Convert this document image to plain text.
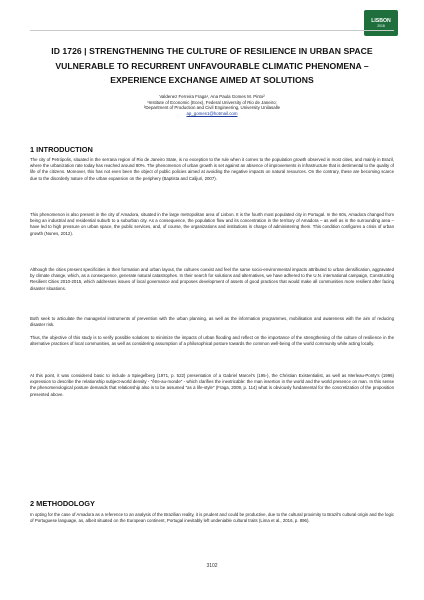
LISBON
2018
ID 1726 | STRENGTHENING THE CULTURE OF RESILIENCE IN URBAN SPACE VULNERABLE TO RECURRENT UNFAVOURABLE CLIMATIC PHENOMENA – EXPERIENCE EXCHANGE AIMED AT SOLUTIONS
Valdenez Ferreira Fraga¹, Ana Paula Gomes M. Pinto²
¹Institute of Economic (Ecex), Federal University of Rio de Janeiro;
²Department of Production and Civil Engineering, University Unilasalle
ap_gomes1@hotmail.com
1 INTRODUCTION

The city of Petrópolis, situated in the serrana region of Rio de Janeiro State, is no exception to the rule when it comes to the population growth observed in most cities, and mainly in Brazil, where the urbanization rate today has reached around 80%. The phenomenon of urban growth is set against an absence of improvements in infrastructure that is detrimental to the quality of life of the citizens. Moreover, this has not even been the object of public policies aimed at avoiding the negative impacts on natural resources. On the contrary, these are becoming scarce due to the disorderly nature of the urban expansion on the periphery (Baptista and Calijuri, 2007).

This phenomenon is also present in the city of Amadora, situated in the large metropolitan area of Lisbon. It is the fourth most populated city in Portugal. In the 60s, Amadora changed from being an industrial and residential suburb to a suburban city. As a consequence, the population flow and its concentration in the territory of Amadora – as well as in the surrounding area – have led to high pressure on urban space, the public services, and, of course, the organizations and institutions in charge of administering them. This condition configures a crisis of urban growth (Nunes, 2012).

Although the cities present specificities in their formation and urban layout, the cultures coexist and feel the same socio-environmental impacts attributed to urban densification, aggravated by climate change, which, as a consequence, generate natural catastrophes. In their search for solutions and alternatives, we have adhered to the U.N. international campaign, Constructing Resilient Cities 2010-2015, which addresses issues of local governance and proposes development of assets of good practices that would make all communities more resilient after facing disaster situations.

Both seek to articulate the managerial instruments of prevention with the urban planning, as well as the information programmes, mobilisation and awareness with the aim of reducing disaster risk.

Thus, the objective of this study is to verify possible solutions to minimize the impacts of urban flooding and reflect on the importance of the strengthening of the culture of resilience in the alternative practices of local communities, as well as considering assumption of a philosophical posture towards the common well-being of the world community while acting locally.

At this point, it was considered basic to include a Spiegelberg (1971, p. 522) presentation of a Gabriel Marcel's (195-), the Christian Existentialist, as well as Merleau-Ponty's (1996) expression to describe the relationship subject-world density - "être-au-monde" - which clarifies the inextricable: the man insertion in the world and the world presence on man. In this sense the phenomenological posture demands that relationship also is to be assumed "as a life-style" (Fraga, 2009, p. 114) what is obviously fundamental for the concretization of the proposition presented above.

2 METHODOLOGY

In opting for the case of Amadora as a reference to an analysis of the Brazilian reality, it is prudent and could be productive, due to the cultural proximity to Brazil's cultural origin and the logic of Portuguese language, as, albeit situated on the European continent, Portugal inevitably left undeniable cultural traits (Lima et al., 2016, p. 896).

3102
